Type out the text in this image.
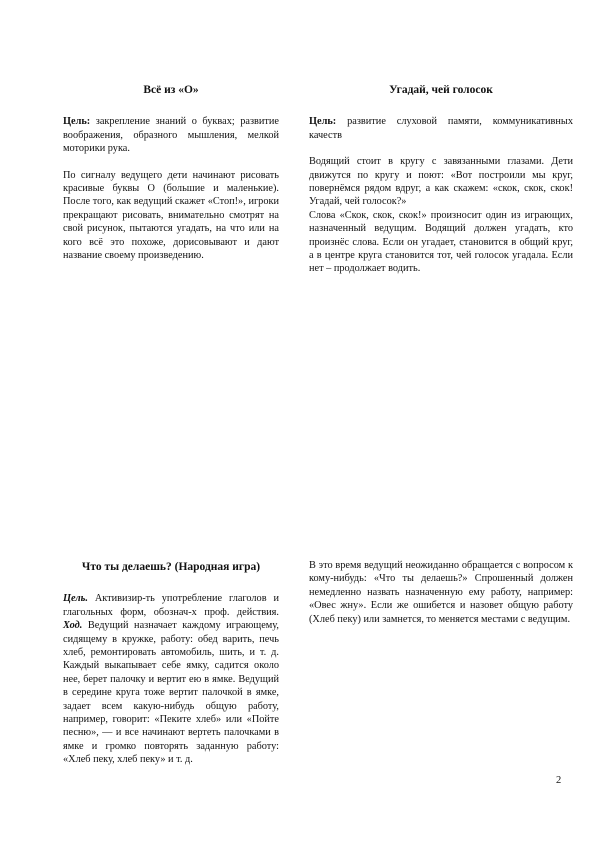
Всё из «О»

Цель: закрепление знаний о буквах; развитие воображения, образного мышления, мелкой моторики рука.

По сигналу ведущего дети начинают рисовать красивые буквы О (большие и маленькие). После того, как ведущий скажет «Стоп!», игроки прекращают рисовать, внимательно смотрят на свой рисунок, пытаются угадать, на что или на кого всё это похоже, дорисовывают и дают название своему произведению.

Угадай, чей голосок

Цель: развитие слуховой памяти, коммуникативных качеств

Водящий стоит в кругу с завязанными глазами. Дети движутся по кругу и поют: «Вот построили мы круг, повернёмся рядом вдруг, а как скажем: «скок, скок, скок! Угадай, чей голосок?»

Слова «Скок, скок, скок!» произносит один из играющих, назначенный ведущим. Водящий должен угадать, кто произнёс слова. Если он угадает, становится в общий круг, а в центре круга становится тот, чей голосок угадала. Если нет – продолжает водить.

Что ты делаешь? (Народная игра)

Цель. Активизир-ть употребление глаголов и глагольных форм, обознач-х проф. действия. Ход. Ведущий назначает каждому играющему, сидящему в кружке, работу: обед варить, печь хлеб, ремонтировать автомобиль, шить, и т. д. Каждый выкапывает себе ямку, садится около нее, берет палочку и вертит ею в ямке. Ведущий в середине круга тоже вертит палочкой в ямке, задает всем какую-нибудь общую работу, например, говорит: «Пеките хлеб» или «Пойте песню», — и все начинают вертеть палочками в ямке и громко повторять заданную работу: «Хлеб пеку, хлеб пеку» и т. д.

В это время ведущий неожиданно обращается с вопросом к кому-нибудь: «Что ты делаешь?» Спрошенный должен немедленно назвать назначенную ему работу, например: «Овес жну». Если же ошибется и назовет общую работу (Хлеб пеку) или замнется, то меняется местами с ведущим.

2
